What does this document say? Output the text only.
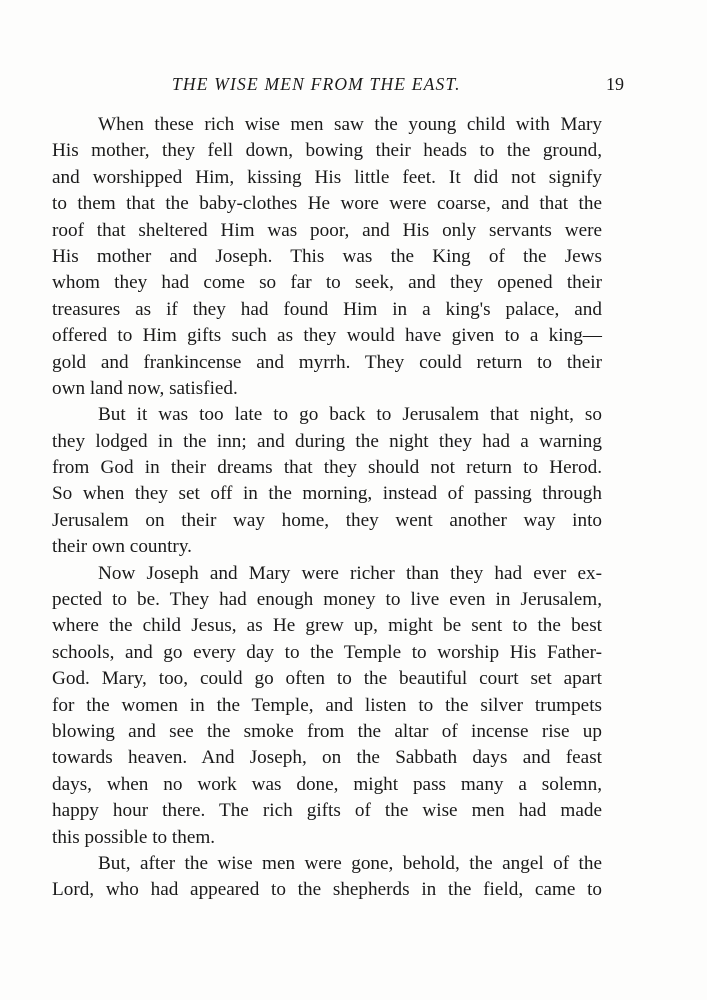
THE WISE MEN FROM THE EAST.	19

When these rich wise men saw the young child with Mary
His mother, they fell down, bowing their heads to the ground,
and worshipped Him, kissing His little feet. It did not signify
to them that the baby-clothes He wore were coarse, and that the
roof that sheltered Him was poor, and His only servants were
His mother and Joseph. This was the King of the Jews
whom they had come so far to seek, and they opened their
treasures as if they had found Him in a king's palace, and
offered to Him gifts such as they would have given to a king—
gold and frankincense and myrrh. They could return to their
own land now, satisfied.

But it was too late to go back to Jerusalem that night, so
they lodged in the inn; and during the night they had a warning
from God in their dreams that they should not return to Herod.
So when they set off in the morning, instead of passing through
Jerusalem on their way home, they went another way into
their own country.

Now Joseph and Mary were richer than they had ever ex-
pected to be. They had enough money to live even in Jerusalem,
where the child Jesus, as He grew up, might be sent to the best
schools, and go every day to the Temple to worship His Father-
God. Mary, too, could go often to the beautiful court set apart
for the women in the Temple, and listen to the silver trumpets
blowing and see the smoke from the altar of incense rise up
towards heaven. And Joseph, on the Sabbath days and feast
days, when no work was done, might pass many a solemn,
happy hour there. The rich gifts of the wise men had made
this possible to them.

But, after the wise men were gone, behold, the angel of the
Lord, who had appeared to the shepherds in the field, came to
